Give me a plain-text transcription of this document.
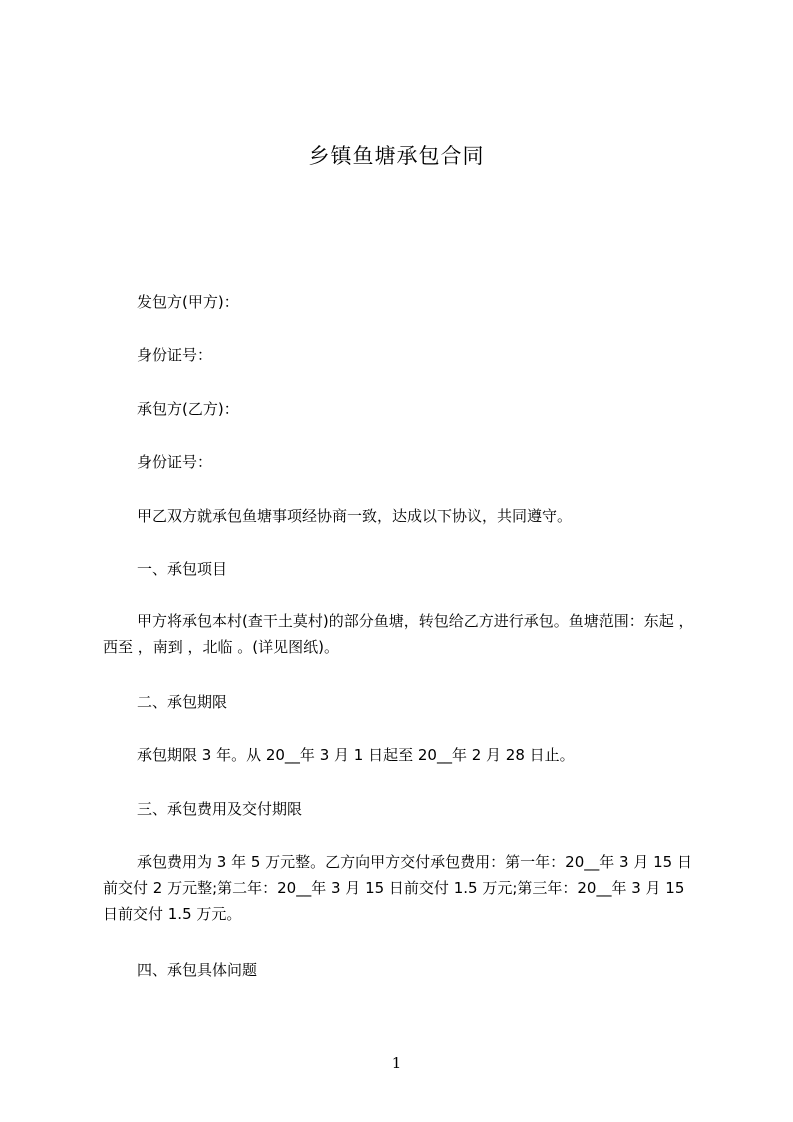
乡镇鱼塘承包合同
发包方(甲方)：
身份证号：
承包方(乙方)：
身份证号：
甲乙双方就承包鱼塘事项经协商一致，达成以下协议，共同遵守。
一、承包项目
甲方将承包本村(查干土莫村)的部分鱼塘，转包给乙方进行承包。鱼塘范围：东起 ，西至 ，南到 ，北临 。(详见图纸)。
二、承包期限
承包期限 3 年。从 20__年 3 月 1 日起至 20__年 2 月 28 日止。
三、承包费用及交付期限
承包费用为 3 年 5 万元整。乙方向甲方交付承包费用：第一年：20__年 3 月 15 日前交付 2 万元整;第二年：20__年 3 月 15 日前交付 1.5 万元;第三年：20__年 3 月 15 日前交付 1.5 万元。
四、承包具体问题
1
